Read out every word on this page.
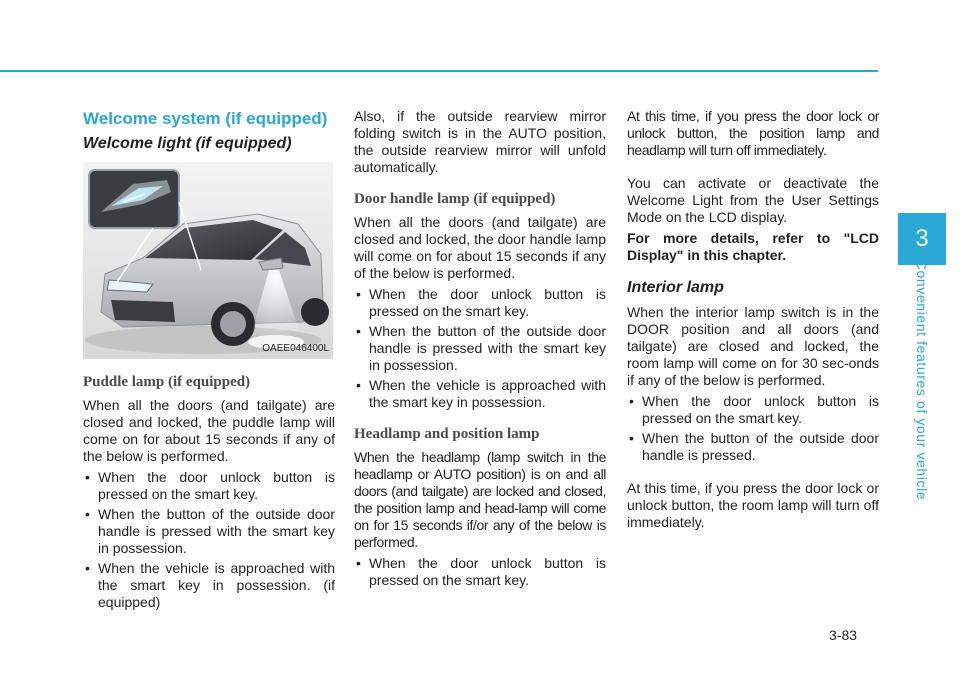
Welcome system (if equipped)
Welcome light (if equipped)
OAEE046400L
Puddle lamp (if equipped)

When all the doors (and tailgate) are closed and locked, the puddle lamp will come on for about 15 seconds if any of the below is performed.

• When the door unlock button is pressed on the smart key.
• When the button of the outside door handle is pressed with the smart key in possession.
• When the vehicle is approached with the smart key in possession. (if equipped)

Also, if the outside rearview mirror folding switch is in the AUTO position, the outside rearview mirror will unfold automatically.

Door handle lamp (if equipped)

When all the doors (and tailgate) are closed and locked, the door handle lamp will come on for about 15 seconds if any of the below is performed.

• When the door unlock button is pressed on the smart key.
• When the button of the outside door handle is pressed with the smart key in possession.
• When the vehicle is approached with the smart key in possession.
Headlamp and position lamp

When the headlamp (lamp switch in the headlamp or AUTO position) is on and all doors (and tailgate) are locked and closed, the position lamp and head-lamp will come on for 15 seconds if/or any of the below is performed.

• When the door unlock button is pressed on the smart key.

At this time, if you press the door lock or unlock button, the position lamp and headlamp will turn off immediately.

You can activate or deactivate the Welcome Light from the User Settings Mode on the LCD display.

For more details, refer to "LCD Display" in this chapter.

Interior lamp

When the interior lamp switch is in the DOOR position and all doors (and tailgate) are closed and locked, the room lamp will come on for 30 sec-onds if any of the below is performed.

• When the door unlock button is pressed on the smart key.
• When the button of the outside door handle is pressed.

At this time, if you press the door lock or unlock button, the room lamp will turn off immediately.

3
Convenient features of your vehicle
3-83
